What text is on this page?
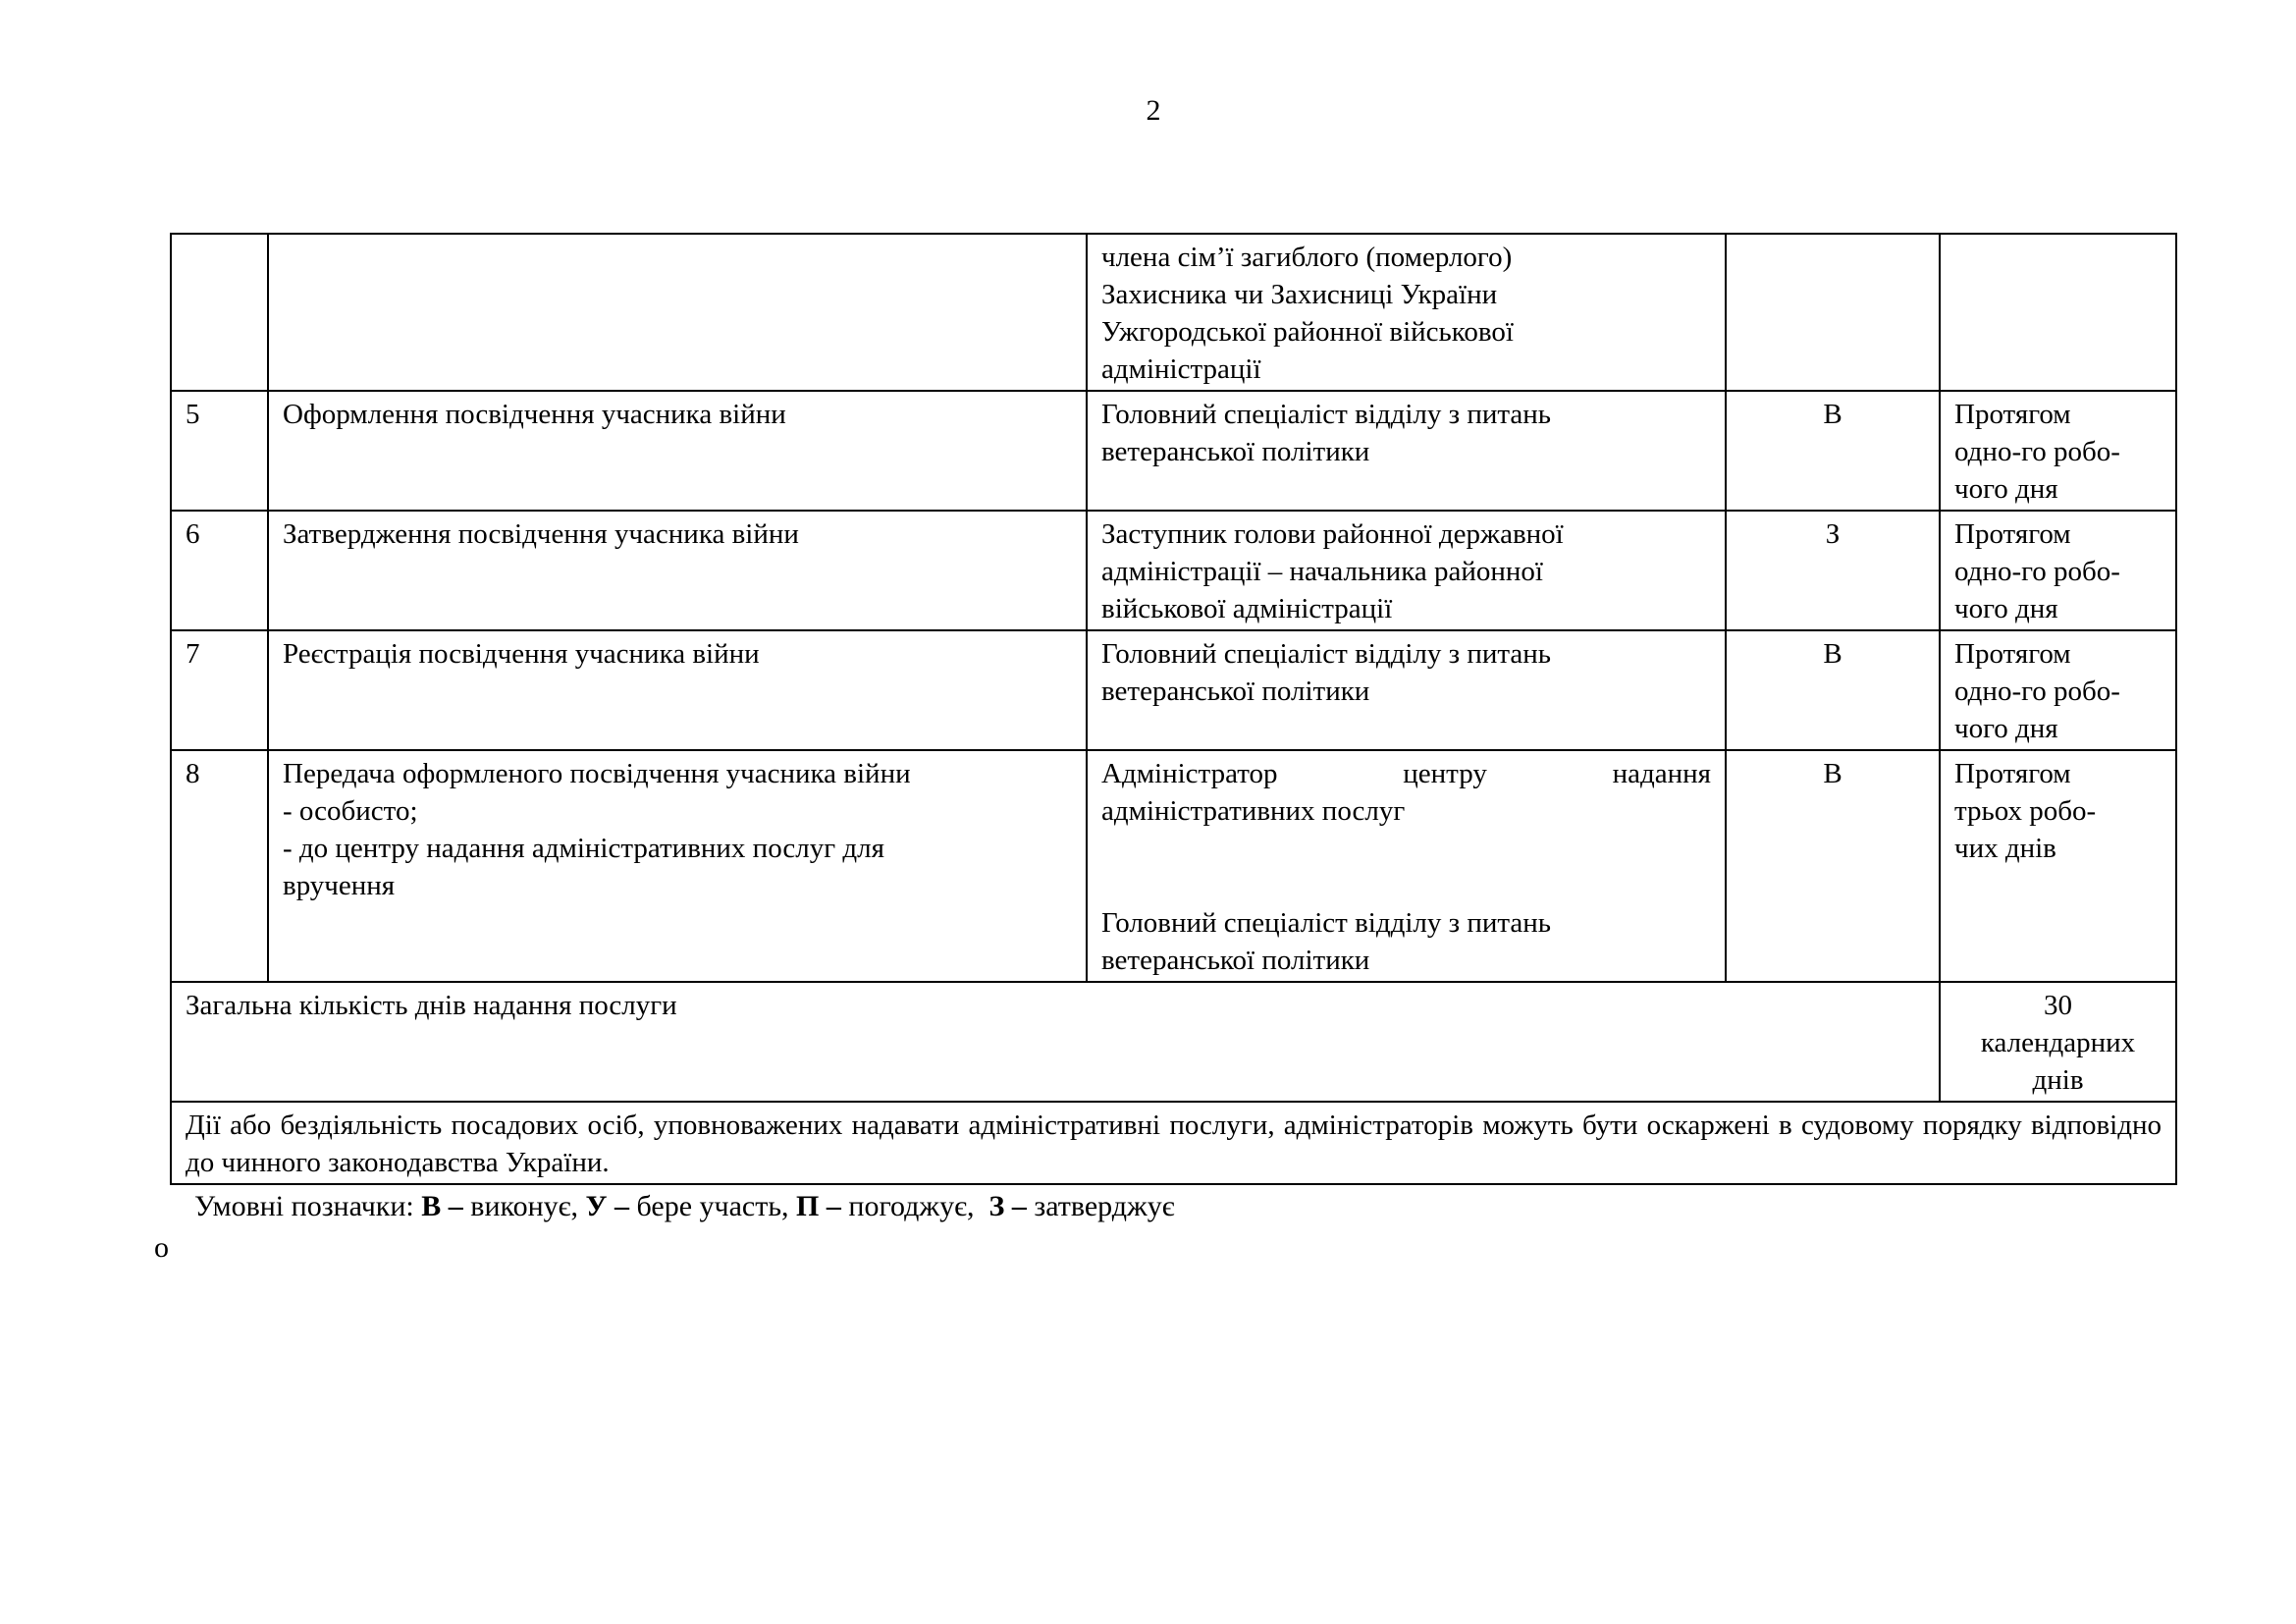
2

		члена сім’ї загиблого (померлого)
Захисника чи Захисниці України
Ужгородської районної військової
адміністрації		

5	Оформлення посвідчення учасника війни	Головний спеціаліст відділу з питань
ветеранської політики	В	Протягом
одно-го робо-
чого дня

6	Затвердження посвідчення учасника війни	Заступник голови районної державної
адміністрації – начальника районної
військової адміністрації	З	Протягом
одно-го робо-
чого дня

7	Реєстрація посвідчення учасника війни	Головний спеціаліст відділу з питань
ветеранської політики	В	Протягом
одно-го робо-
чого дня

8	Передача оформленого посвідчення учасника війни
- особисто;
- до центру надання адміністративних послуг для
вручення	Адміністратор центру надання
адміністративних послуг
Головний спеціаліст відділу з питань
ветеранської політики	В	Протягом
трьох робо-
чих днів

Загальна кількість днів надання послуги				30
календарних
днів

Дії або бездіяльність посадових осіб, уповноважених надавати адміністративні послуги, адміністраторів можуть бути оскаржені в судовому порядку відповідно до чинного законодавства України.				
Умовні позначки: В – виконує, У – бере участь, П – погоджує,  З – затверджує
о
